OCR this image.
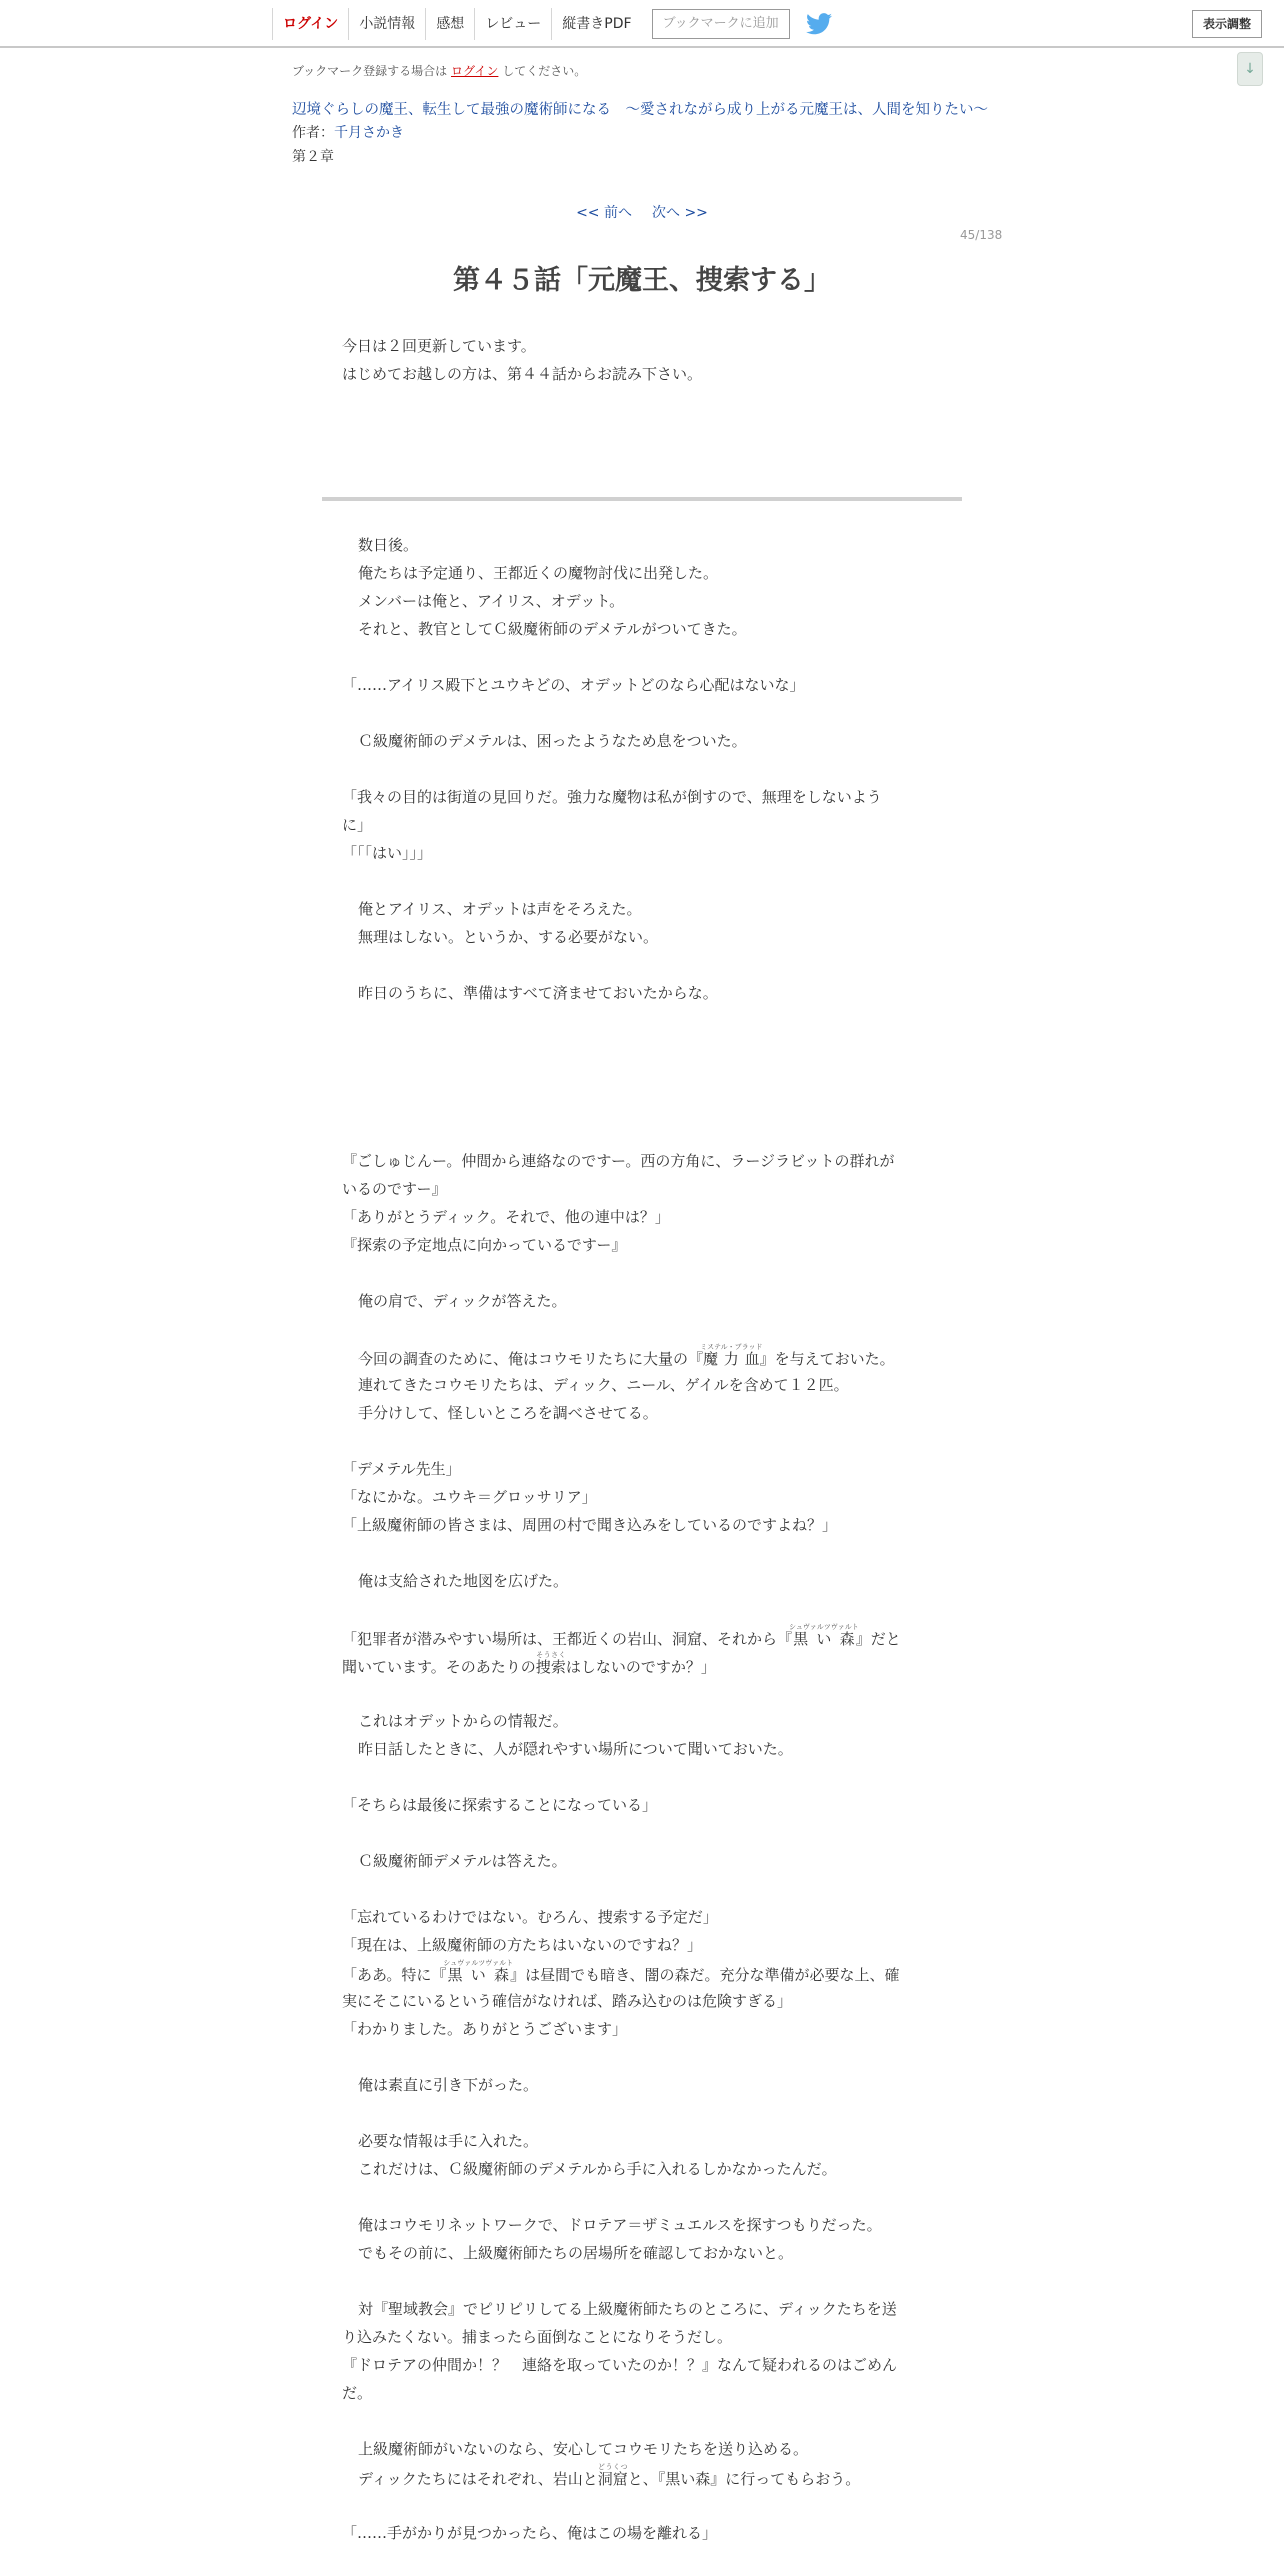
ログイン	小説情報	感想	レビュー	縦書きPDF	ブックマークに追加	表示調整
↓
ブックマーク登録する場合は ログイン してください。
辺境ぐらしの魔王、転生して最強の魔術師になる　〜愛されながら成り上がる元魔王は、人間を知りたい〜
作者：千月さかき
第２章
<< 前へ 次へ >>
45/138
第４５話「元魔王、捜索する」
今日は２回更新しています。
はじめてお越しの方は、第４４話からお読み下さい。
数日後。
俺たちは予定通り、王都近くの魔物討伐に出発した。
メンバーは俺と、アイリス、オデット。
それと、教官としてＣ級魔術師のデメテルがついてきた。
「……アイリス殿下とユウキどの、オデットどのなら心配はないな」
Ｃ級魔術師のデメテルは、困ったようなため息をついた。
「我々の目的は街道の見回りだ。強力な魔物は私が倒すので、無理をしないよう
に」
「「「はい」」」
俺とアイリス、オデットは声をそろえた。
無理はしない。というか、する必要がない。
昨日のうちに、準備はすべて済ませておいたからな。
『ごしゅじんー。仲間から連絡なのですー。西の方角に、ラージラビットの群れが
いるのですー』
「ありがとうディック。それで、他の連中は？」
『探索の予定地点に向かっているですー』
俺の肩で、ディックが答えた。
今回の調査のために、俺はコウモリたちに大量の『魔力血ミステル・ブラッド』を与えておいた。
連れてきたコウモリたちは、ディック、ニール、ゲイルを含めて１２匹。
手分けして、怪しいところを調べさせてる。
「デメテル先生」
「なにかな。ユウキ＝グロッサリア」
「上級魔術師の皆さまは、周囲の村で聞き込みをしているのですよね？」
俺は支給された地図を広げた。
「犯罪者が潜みやすい場所は、王都近くの岩山、洞窟、それから『黒い森シュヴァルツヴァルト』だと
聞いています。そのあたりの捜索そうさくはしないのですか？」
これはオデットからの情報だ。
昨日話したときに、人が隠れやすい場所について聞いておいた。
「そちらは最後に探索することになっている」
Ｃ級魔術師デメテルは答えた。
「忘れているわけではない。むろん、捜索する予定だ」
「現在は、上級魔術師の方たちはいないのですね？」
「ああ。特に『黒い森シュヴァルツヴァルト』は昼間でも暗き、闇の森だ。充分な準備が必要な上、確
実にそこにいるという確信がなければ、踏み込むのは危険すぎる」
「わかりました。ありがとうございます」
俺は素直に引き下がった。
必要な情報は手に入れた。
これだけは、Ｃ級魔術師のデメテルから手に入れるしかなかったんだ。
俺はコウモリネットワークで、ドロテア＝ザミュエルスを探すつもりだった。
でもその前に、上級魔術師たちの居場所を確認しておかないと。
対『聖域教会』でピリピリしてる上級魔術師たちのところに、ディックたちを送
り込みたくない。捕まったら面倒なことになりそうだし。
『ドロテアの仲間か！？　連絡を取っていたのか！？』なんて疑われるのはごめん
だ。
上級魔術師がいないのなら、安心してコウモリたちを送り込める。
ディックたちにはそれぞれ、岩山と洞窟どうくつと、『黒い森』に行ってもらおう。
「……手がかりが見つかったら、俺はこの場を離れる」
